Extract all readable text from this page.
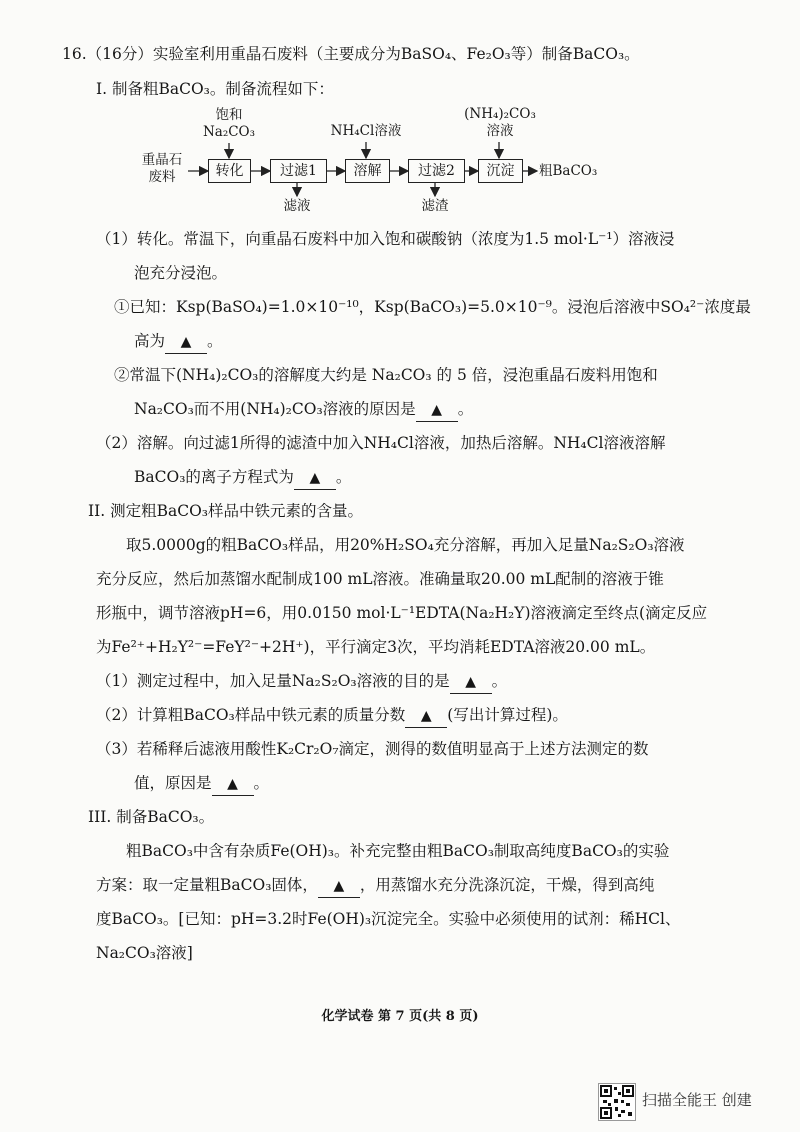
16.（16分）实验室利用重晶石废料（主要成分为BaSO₄、Fe₂O₃等）制备BaCO₃。
I. 制备粗BaCO₃。制备流程如下：
重晶石
废料	转化	过滤1	溶解	过滤2	沉淀
饱和
Na₂CO₃	NH₄Cl溶液
(NH₄)₂CO₃
溶液
滤液	滤渣
粗BaCO₃
（1）转化。常温下，向重晶石废料中加入饱和碳酸钠（浓度为1.5 mol·L⁻¹）溶液浸
泡充分浸泡。
①已知：Ksp(BaSO₄)=1.0×10⁻¹⁰，Ksp(BaCO₃)=5.0×10⁻⁹。浸泡后溶液中SO₄²⁻浓度最
高为 ▲ 。
②常温下(NH₄)₂CO₃的溶解度大约是 Na₂CO₃ 的 5 倍，浸泡重晶石废料用饱和
Na₂CO₃而不用(NH₄)₂CO₃溶液的原因是 ▲ 。
（2）溶解。向过滤1所得的滤渣中加入NH₄Cl溶液，加热后溶解。NH₄Cl溶液溶解
BaCO₃的离子方程式为 ▲ 。
II. 测定粗BaCO₃样品中铁元素的含量。
取5.0000g的粗BaCO₃样品，用20%H₂SO₄充分溶解，再加入足量Na₂S₂O₃溶液
充分反应，然后加蒸馏水配制成100 mL溶液。准确量取20.00 mL配制的溶液于锥
形瓶中，调节溶液pH=6，用0.0150 mol·L⁻¹EDTA(Na₂H₂Y)溶液滴定至终点(滴定反应
为Fe²⁺+H₂Y²⁻=FeY²⁻+2H⁺)，平行滴定3次，平均消耗EDTA溶液20.00 mL。
（1）测定过程中，加入足量Na₂S₂O₃溶液的目的是 ▲ 。
（2）计算粗BaCO₃样品中铁元素的质量分数 ▲ (写出计算过程)。
（3）若稀释后滤液用酸性K₂Cr₂O₇滴定，测得的数值明显高于上述方法测定的数
值，原因是 ▲ 。
III. 制备BaCO₃。
粗BaCO₃中含有杂质Fe(OH)₃。补充完整由粗BaCO₃制取高纯度BaCO₃的实验
方案：取一定量粗BaCO₃固体， ▲ ，用蒸馏水充分洗涤沉淀，干燥，得到高纯
度BaCO₃。[已知：pH=3.2时Fe(OH)₃沉淀完全。实验中必须使用的试剂：稀HCl、
Na₂CO₃溶液]
化学试卷 第 7 页(共 8 页)
扫描全能王 创建
